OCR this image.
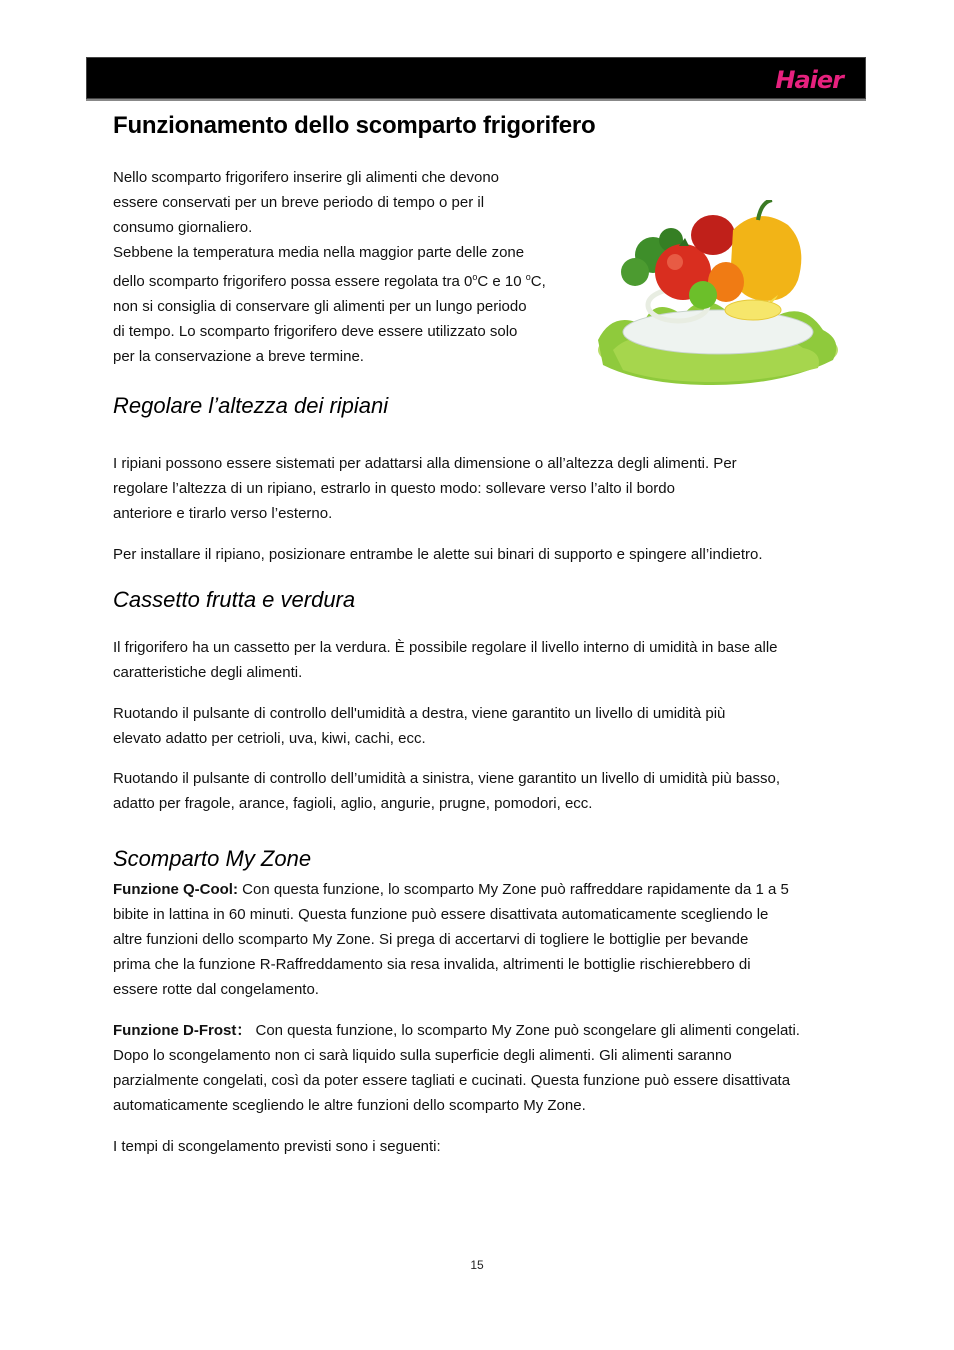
Haier
Funzionamento dello scomparto frigorifero

Nello scomparto frigorifero inserire gli alimenti che devono
essere conservati per un breve periodo di tempo o per il
consumo giornaliero.
Sebbene la temperatura media nella maggior parte delle zone
dello scomparto frigorifero possa essere regolata tra 0$^o$C e 10 $^o$C,
non si consiglia di conservare gli alimenti per un lungo periodo
di tempo. Lo scomparto frigorifero deve essere utilizzato solo
per la conservazione a breve termine.

Regolare l’altezza dei ripiani

I ripiani possono essere sistemati per adattarsi alla dimensione o all’altezza degli alimenti. Per
regolare l’altezza di un ripiano, estrarlo in questo modo: sollevare verso l’alto il bordo
anteriore e tirarlo verso l’esterno.

Per installare il ripiano, posizionare entrambe le alette sui binari di supporto e spingere all’indietro.

Cassetto frutta e verdura

Il frigorifero ha un cassetto per la verdura. È possibile regolare il livello interno di umidità in base alle
caratteristiche degli alimenti.

Ruotando il pulsante di controllo dell'umidità a destra, viene garantito un livello di umidità più
elevato adatto per cetrioli, uva, kiwi, cachi, ecc.

Ruotando il pulsante di controllo dell’umidità a sinistra, viene garantito un livello di umidità più basso,
adatto per fragole, arance, fagioli, aglio, angurie, prugne, pomodori, ecc.

Scomparto My Zone

Funzione Q-Cool: Con questa funzione, lo scomparto My Zone può raffreddare rapidamente da 1 a 5
bibite in lattina in 60 minuti. Questa funzione può essere disattivata automaticamente scegliendo le
altre funzioni dello scomparto My Zone. Si prega di accertarvi di togliere le bottiglie per bevande
prima che la funzione R-Raffreddamento sia resa invalida, altrimenti le bottiglie rischierebbero di
essere rotte dal congelamento.

Funzione D-Frost： Con questa funzione, lo scomparto My Zone può scongelare gli alimenti congelati.
Dopo lo scongelamento non ci sarà liquido sulla superficie degli alimenti. Gli alimenti saranno
parzialmente congelati, così da poter essere tagliati e cucinati. Questa funzione può essere disattivata
automaticamente scegliendo le altre funzioni dello scomparto My Zone.

I tempi di scongelamento previsti sono i seguenti:

15
